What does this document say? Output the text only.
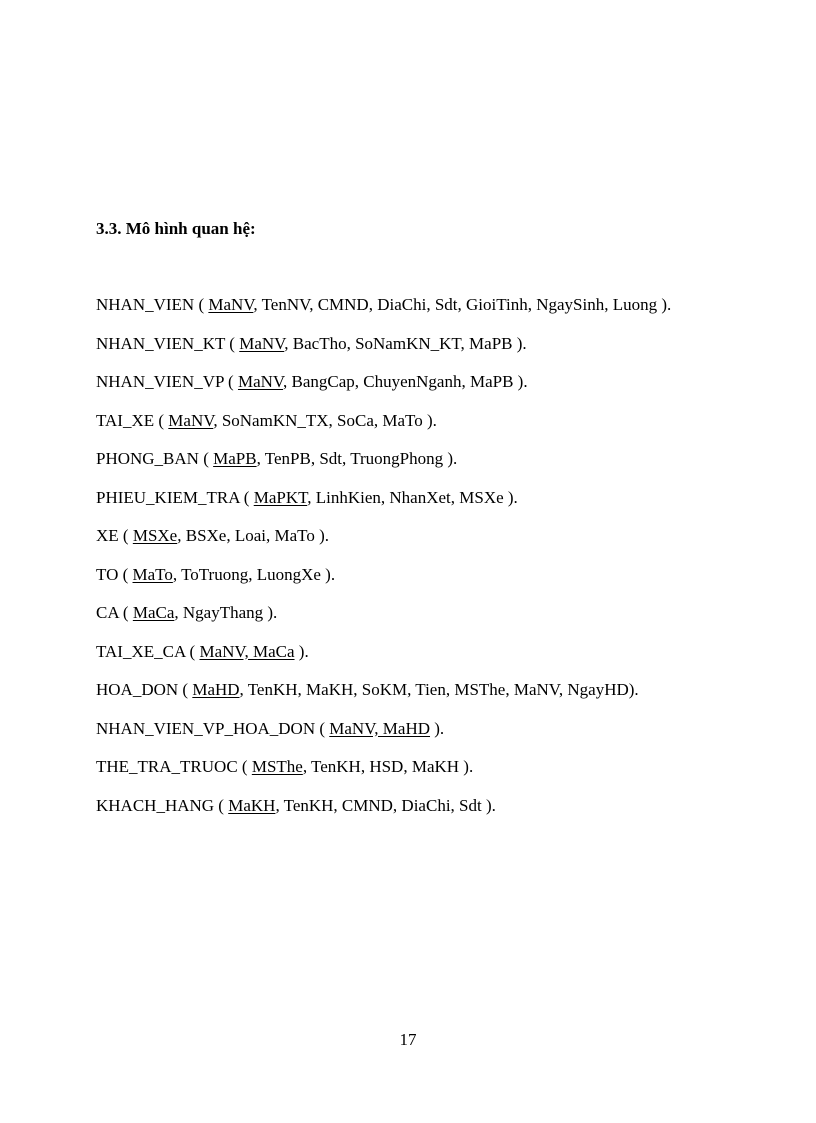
3.3. Mô hình quan hệ:
NHAN_VIEN ( MaNV, TenNV, CMND, DiaChi, Sdt, GioiTinh, NgaySinh, Luong ).
NHAN_VIEN_KT ( MaNV, BacTho, SoNamKN_KT, MaPB ).
NHAN_VIEN_VP ( MaNV, BangCap, ChuyenNganh, MaPB ).
TAI_XE ( MaNV, SoNamKN_TX, SoCa, MaTo ).
PHONG_BAN ( MaPB, TenPB, Sdt, TruongPhong ).
PHIEU_KIEM_TRA ( MaPKT, LinhKien, NhanXet, MSXe ).
XE ( MSXe, BSXe, Loai, MaTo ).
TO ( MaTo, ToTruong, LuongXe ).
CA ( MaCa, NgayThang ).
TAI_XE_CA ( MaNV, MaCa ).
HOA_DON ( MaHD, TenKH, MaKH, SoKM, Tien, MSThe, MaNV, NgayHD).
NHAN_VIEN_VP_HOA_DON ( MaNV, MaHD ).
THE_TRA_TRUOC ( MSThe, TenKH, HSD, MaKH ).
KHACH_HANG ( MaKH, TenKH, CMND, DiaChi, Sdt ).
17
